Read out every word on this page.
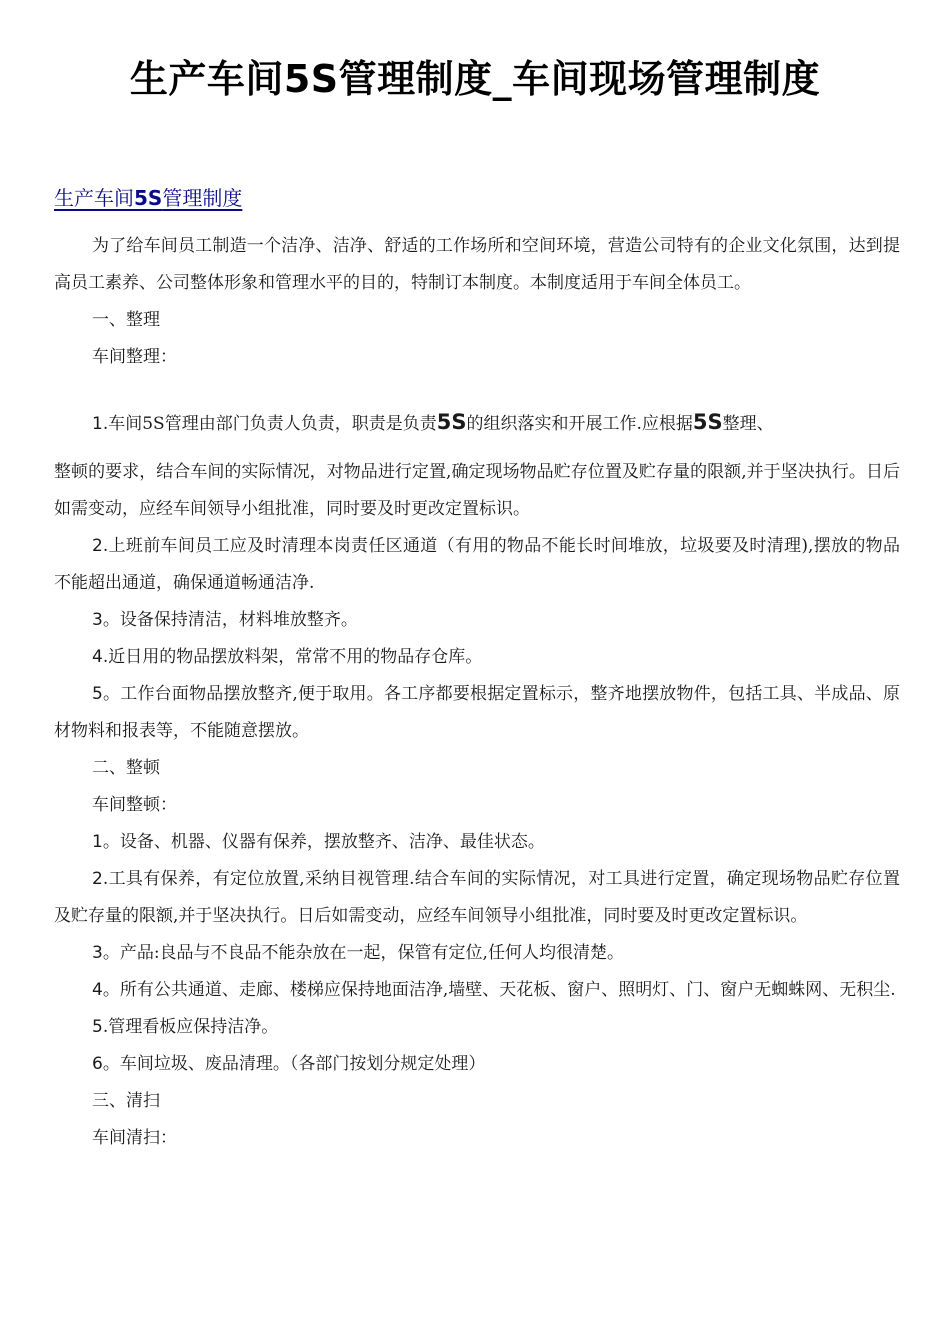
生产车间5S管理制度_车间现场管理制度
生产车间5S管理制度

为了给车间员工制造一个洁净、洁净、舒适的工作场所和空间环境，营造公司特有的企业文化氛围，达到提高员工素养、公司整体形象和管理水平的目的，特制订本制度。本制度适用于车间全体员工。

一、整理

车间整理：

1.车间5S管理由部门负责人负责，职责是负责5S的组织落实和开展工作.应根据5S整理、

整顿的要求，结合车间的实际情况，对物品进行定置,确定现场物品贮存位置及贮存量的限额,并于坚决执行。日后如需变动，应经车间领导小组批准，同时要及时更改定置标识。

2.上班前车间员工应及时清理本岗责任区通道（有用的物品不能长时间堆放，垃圾要及时清理),摆放的物品不能超出通道，确保通道畅通洁净.

3。设备保持清洁，材料堆放整齐。

4.近日用的物品摆放料架，常常不用的物品存仓库。

5。工作台面物品摆放整齐,便于取用。各工序都要根据定置标示，整齐地摆放物件，包括工具、半成品、原材物料和报表等，不能随意摆放。

二、整顿

车间整顿：

1。设备、机器、仪器有保养，摆放整齐、洁净、最佳状态。

2.工具有保养，有定位放置,采纳目视管理.结合车间的实际情况，对工具进行定置，确定现场物品贮存位置及贮存量的限额,并于坚决执行。日后如需变动，应经车间领导小组批准，同时要及时更改定置标识。

3。产品:良品与不良品不能杂放在一起，保管有定位,任何人均很清楚。

4。所有公共通道、走廊、楼梯应保持地面洁净,墙壁、天花板、窗户、照明灯、门、窗户无蜘蛛网、无积尘.

5.管理看板应保持洁净。

6。车间垃圾、废品清理。（各部门按划分规定处理）

三、清扫

车间清扫：
